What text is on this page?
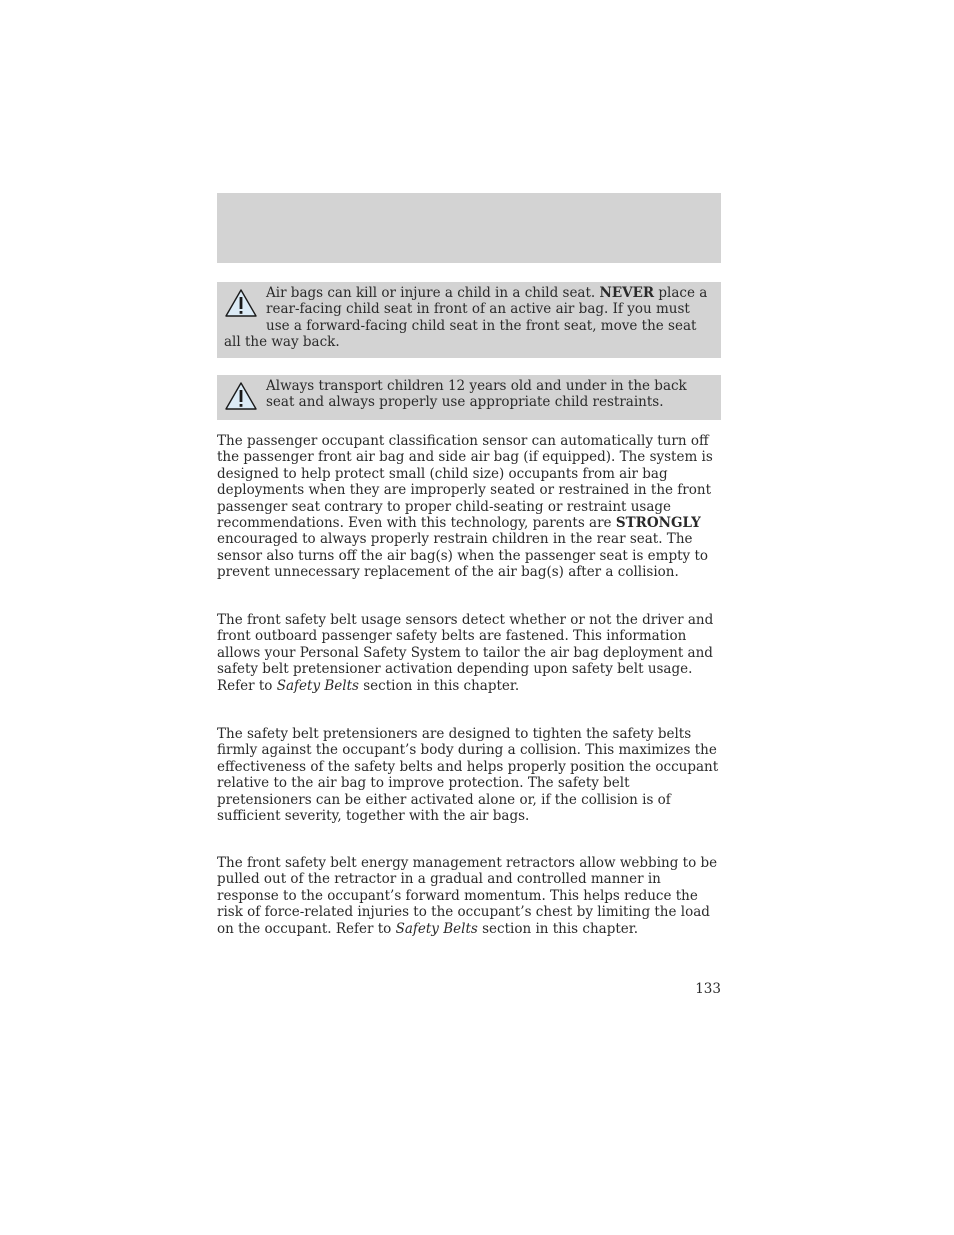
Air bags can kill or injure a child in a child seat. NEVER place a rear-facing child seat in front of an active air bag. If you must use a forward-facing child seat in the front seat, move the seat all the way back.
Always transport children 12 years old and under in the back seat and always properly use appropriate child restraints.

The passenger occupant classification sensor can automatically turn off the passenger front air bag and side air bag (if equipped). The system is designed to help protect small (child size) occupants from air bag deployments when they are improperly seated or restrained in the front passenger seat contrary to proper child-seating or restraint usage recommendations. Even with this technology, parents are STRONGLY encouraged to always properly restrain children in the rear seat. The sensor also turns off the air bag(s) when the passenger seat is empty to prevent unnecessary replacement of the air bag(s) after a collision.

The front safety belt usage sensors detect whether or not the driver and front outboard passenger safety belts are fastened. This information allows your Personal Safety System to tailor the air bag deployment and safety belt pretensioner activation depending upon safety belt usage. Refer to Safety Belts section in this chapter.

The safety belt pretensioners are designed to tighten the safety belts firmly against the occupant’s body during a collision. This maximizes the effectiveness of the safety belts and helps properly position the occupant relative to the air bag to improve protection. The safety belt pretensioners can be either activated alone or, if the collision is of sufficient severity, together with the air bags.

The front safety belt energy management retractors allow webbing to be pulled out of the retractor in a gradual and controlled manner in response to the occupant’s forward momentum. This helps reduce the risk of force-related injuries to the occupant’s chest by limiting the load on the occupant. Refer to Safety Belts section in this chapter.

133
